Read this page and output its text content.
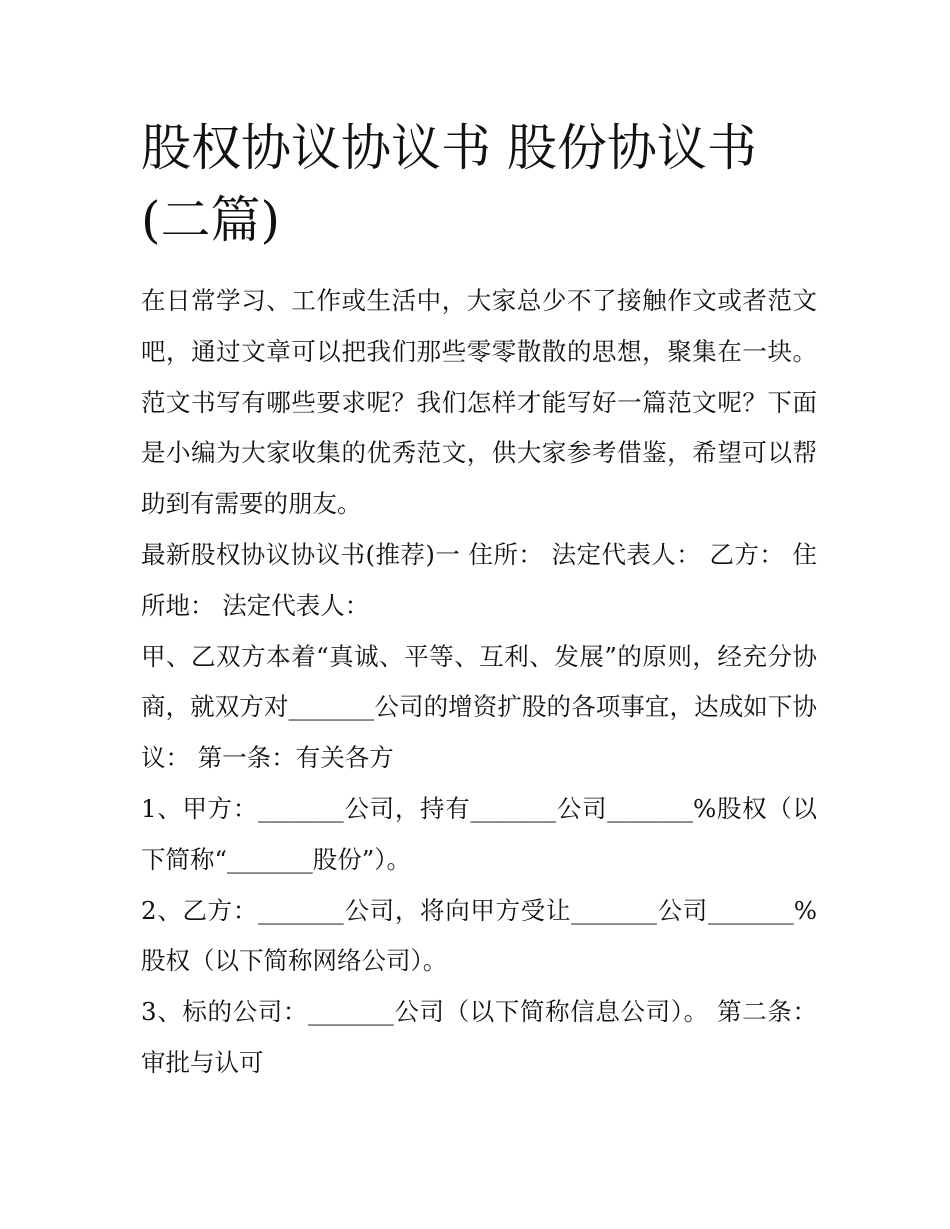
股权协议协议书 股份协议书(二篇)

在日常学习、工作或生活中，大家总少不了接触作文或者范文吧，通过文章可以把我们那些零零散散的思想，聚集在一块。范文书写有哪些要求呢？我们怎样才能写好一篇范文呢？下面是小编为大家收集的优秀范文，供大家参考借鉴，希望可以帮助到有需要的朋友。

最新股权协议协议书(推荐)一 住所： 法定代表人： 乙方： 住所地： 法定代表人：

甲、乙双方本着“真诚、平等、互利、发展”的原则，经充分协商，就双方对_______公司的增资扩股的各项事宜，达成如下协议： 第一条：有关各方

1、甲方：_______公司，持有_______公司_______%股权（以下简称“_______股份”）。

2、乙方：_______公司，将向甲方受让_______公司_______%股权（以下简称网络公司）。

3、标的公司：_______公司（以下简称信息公司）。 第二条：审批与认可
